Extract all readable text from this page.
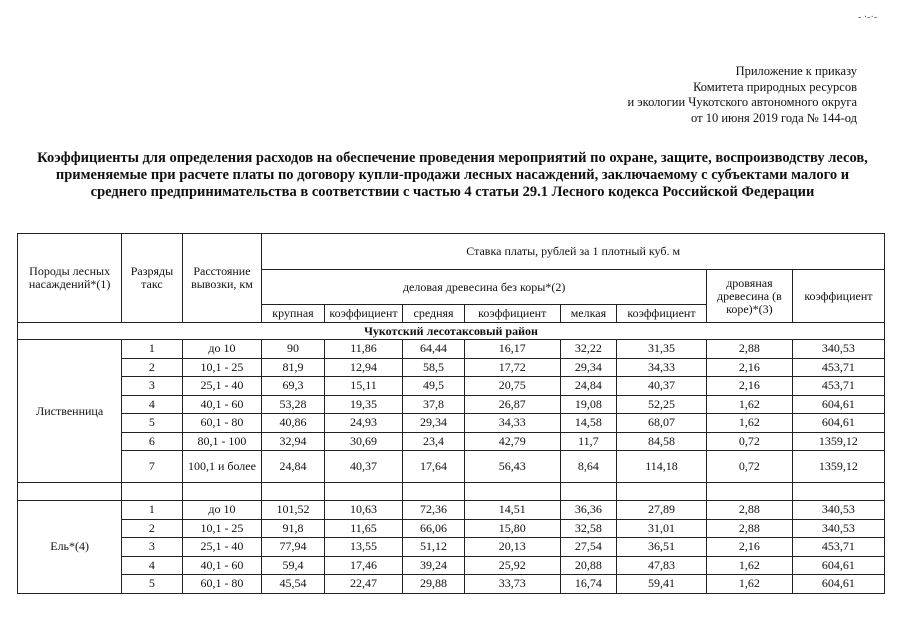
- ·-·-
Приложение к приказу
Комитета природных ресурсов
и экологии Чукотского автономного округа
от 10 июня 2019 года № 144-од
Коэффициенты для определения расходов на обеспечение проведения мероприятий по охране, защите, воспроизводству лесов, применяемые при расчете платы по договору купли-продажи лесных насаждений, заключаемому с субъектами малого и среднего предпринимательства в соответствии с частью 4 статьи 29.1 Лесного кодекса Российской Федерации
Породы лесных насаждений*(1)	Разряды такс	Расстояние вывозки, км	Ставка платы, рублей за 1 плотный куб. м							
			деловая древесина без коры*(2)						дровяная древесина (в коре)*(3)	коэффициент
			крупная	коэффициент	средняя	коэффициент	мелкая	коэффициент		
Чукотский лесотаксовый район										
Лиственница	1	до 10	90	11,86	64,44	16,17	32,22	31,35	2,88	340,53
	2	10,1 - 25	81,9	12,94	58,5	17,72	29,34	34,33	2,16	453,71
	3	25,1 - 40	69,3	15,11	49,5	20,75	24,84	40,37	2,16	453,71
	4	40,1 - 60	53,28	19,35	37,8	26,87	19,08	52,25	1,62	604,61
	5	60,1 - 80	40,86	24,93	29,34	34,33	14,58	68,07	1,62	604,61
	6	80,1 - 100	32,94	30,69	23,4	42,79	11,7	84,58	0,72	1359,12
	7	100,1 и более	24,84	40,37	17,64	56,43	8,64	114,18	0,72	1359,12

Ель*(4)	1	до 10	101,52	10,63	72,36	14,51	36,36	27,89	2,88	340,53
	2	10,1 - 25	91,8	11,65	66,06	15,80	32,58	31,01	2,88	340,53
	3	25,1 - 40	77,94	13,55	51,12	20,13	27,54	36,51	2,16	453,71
	4	40,1 - 60	59,4	17,46	39,24	25,92	20,88	47,83	1,62	604,61
	5	60,1 - 80	45,54	22,47	29,88	33,73	16,74	59,41	1,62	604,61
